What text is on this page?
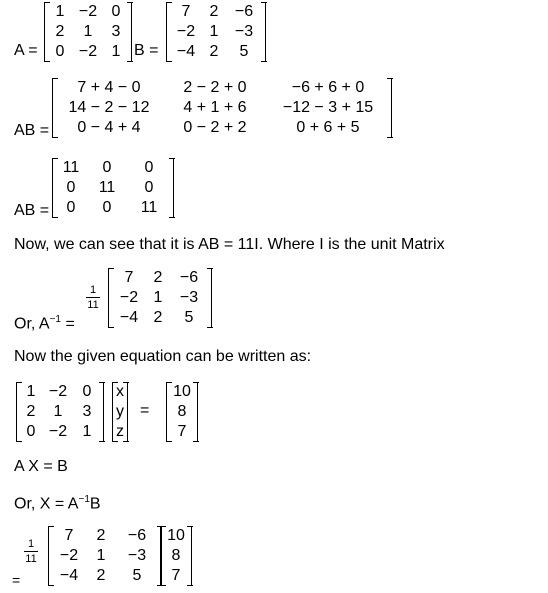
A =
1 −2 0
2	1	3
0 −2 1 B =
7	2	−6
−2 1	−3
−4 2	5
AB =
7 + 4 − 0	2 − 2 + 0	−6 + 6 + 0
14 − 2 − 12	4 + 1 + 6	−12 − 3 + 15
0 − 4 + 4	0 − 2 + 2	0 + 6 + 5
AB =
11	0	0
0	11	0
0	0	11
Now, we can see that it is AB = 11I. Where I is the unit Matrix
Or, $A^{-1}$ =
1
11
7	2	−6
−2 1	−3
−4 2	5
Now the given equation can be written as:
1 −2 0
2	1	3
0 −2 1
x
y
z
=
10
8
7
A X = B
Or, $X = A^{-1}B$
=
1
11
7	2	−6
−2	1	−3
−4	2	5
10
8
7
